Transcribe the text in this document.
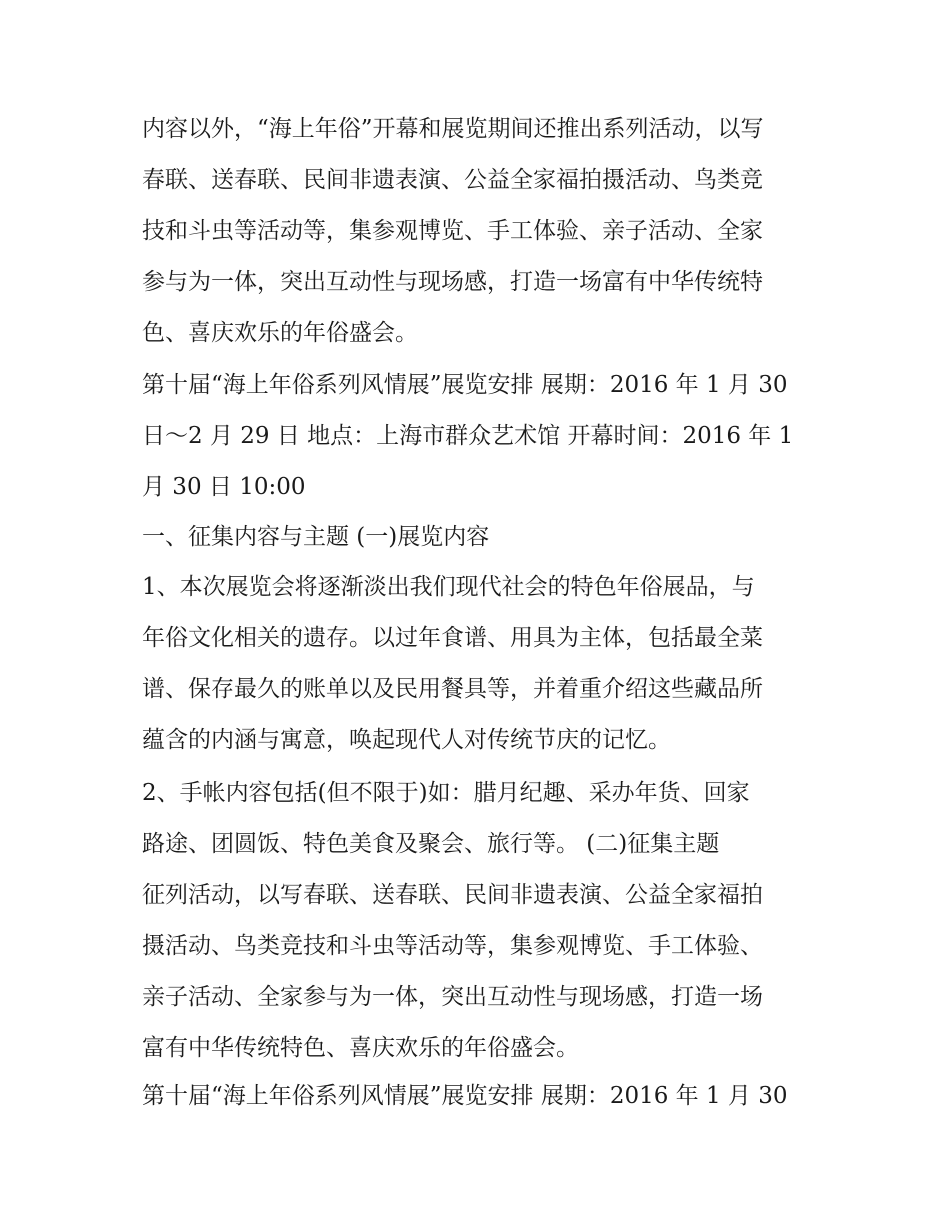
内容以外，“海上年俗”开幕和展览期间还推出系列活动，以写
春联、送春联、民间非遗表演、公益全家福拍摄活动、鸟类竞
技和斗虫等活动等，集参观博览、手工体验、亲子活动、全家
参与为一体，突出互动性与现场感，打造一场富有中华传统特
色、喜庆欢乐的年俗盛会。
第十届“海上年俗系列风情展”展览安排 展期：2016 年 1 月 30
日～2 月 29 日 地点：上海市群众艺术馆 开幕时间：2016 年 1
月 30 日 10:00
一、征集内容与主题 (一)展览内容
1、本次展览会将逐渐淡出我们现代社会的特色年俗展品，与
年俗文化相关的遗存。以过年食谱、用具为主体，包括最全菜
谱、保存最久的账单以及民用餐具等，并着重介绍这些藏品所
蕴含的内涵与寓意，唤起现代人对传统节庆的记忆。
2、手帐内容包括(但不限于)如：腊月纪趣、采办年货、回家
路途、团圆饭、特色美食及聚会、旅行等。 (二)征集主题
征列活动，以写春联、送春联、民间非遗表演、公益全家福拍
摄活动、鸟类竞技和斗虫等活动等，集参观博览、手工体验、
亲子活动、全家参与为一体，突出互动性与现场感，打造一场
富有中华传统特色、喜庆欢乐的年俗盛会。
第十届“海上年俗系列风情展”展览安排 展期：2016 年 1 月 30
